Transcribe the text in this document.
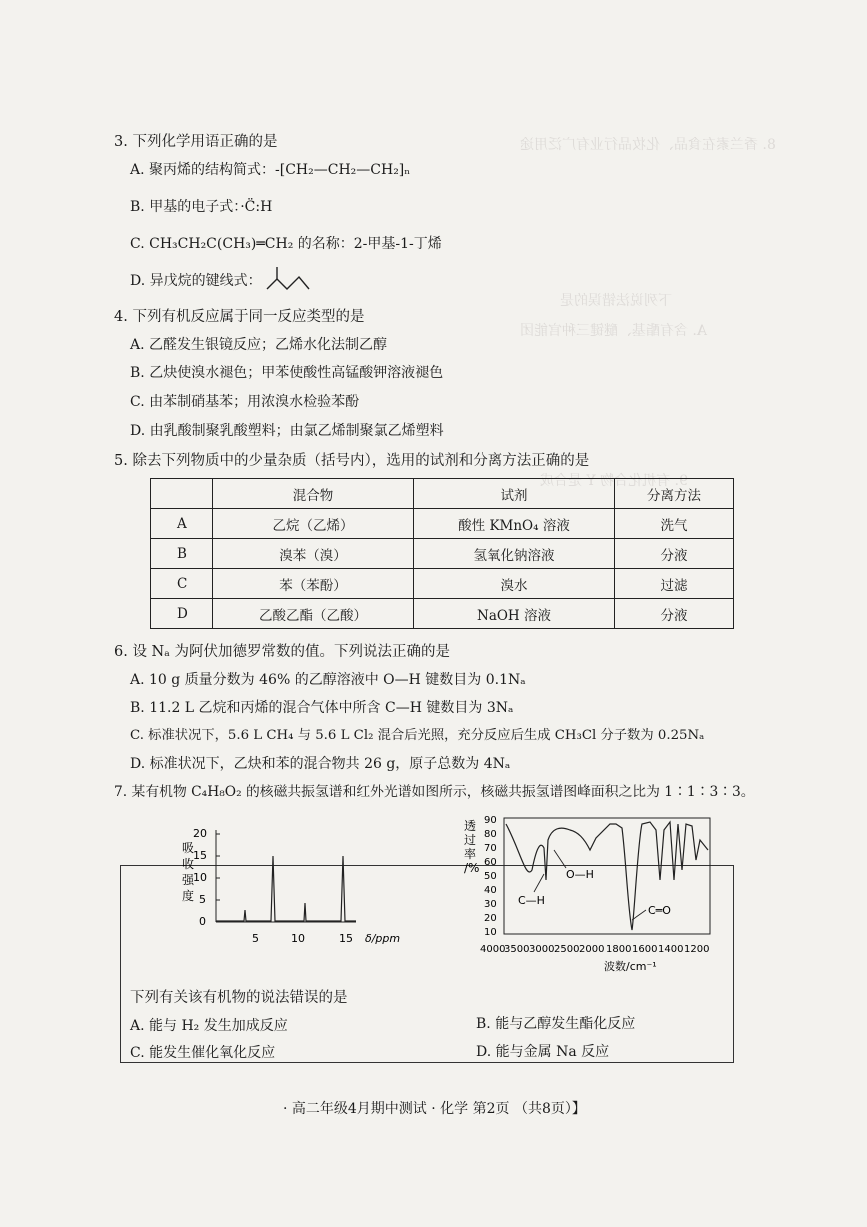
8. 香兰素在食品、化妆品行业有广泛用途
下列说法错误的是
A. 含有酯基、醚键三种官能团
9. 有机化合物 Y 是合成
3. 下列化学用语正确的是
A. 聚丙烯的结构简式：-[CH₂—CH₂—CH₂]ₙ
B. 甲基的电子式：·C̈:H
C. CH₃CH₂C(CH₃)═CH₂ 的名称：2-甲基-1-丁烯
D. 异戊烷的键线式：
4. 下列有机反应属于同一反应类型的是
A. 乙醛发生银镜反应；乙烯水化法制乙醇
B. 乙炔使溴水褪色；甲苯使酸性高锰酸钾溶液褪色
C. 由苯制硝基苯；用浓溴水检验苯酚
D. 由乳酸制聚乳酸塑料；由氯乙烯制聚氯乙烯塑料
5. 除去下列物质中的少量杂质（括号内），选用的试剂和分离方法正确的是
	混合物	试剂	分离方法
A	乙烷（乙烯）	酸性 KMnO₄ 溶液	洗气
B	溴苯（溴）	氢氧化钠溶液	分液
C	苯（苯酚）	溴水	过滤
D	乙酸乙酯（乙酸）	NaOH 溶液	分液
6. 设 Nₐ 为阿伏加德罗常数的值。下列说法正确的是
A. 10 g 质量分数为 46% 的乙醇溶液中 O—H 键数目为 0.1Nₐ
B. 11.2 L 乙烷和丙烯的混合气体中所含 C—H 键数目为 3Nₐ
C. 标准状况下，5.6 L CH₄ 与 5.6 L Cl₂ 混合后光照，充分反应后生成 CH₃Cl 分子数为 0.25Nₐ
D. 标准状况下，乙炔和苯的混合物共 26 g，原子总数为 4Nₐ
7. 某有机物 C₄H₈O₂ 的核磁共振氢谱和红外光谱如图所示，核磁共振氢谱图峰面积之比为 1∶1∶3∶3。
吸
收
强
度
0
5
10
15
20
5	10	15 δ/ppm
透
过
率
/%
90
80
70
60
50
40
30
20
10
O—H
C—H
C═O
4000
3500 3000 2500 2000 1800 1600 1400 1200
波数/cm⁻¹
下列有关该有机物的说法错误的是
A. 能与 H₂ 发生加成反应	B. 能与乙醇发生酯化反应
C. 能发生催化氧化反应	D. 能与金属 Na 反应
· 高二年级4月期中测试 · 化学 第2页 （共8页）】
